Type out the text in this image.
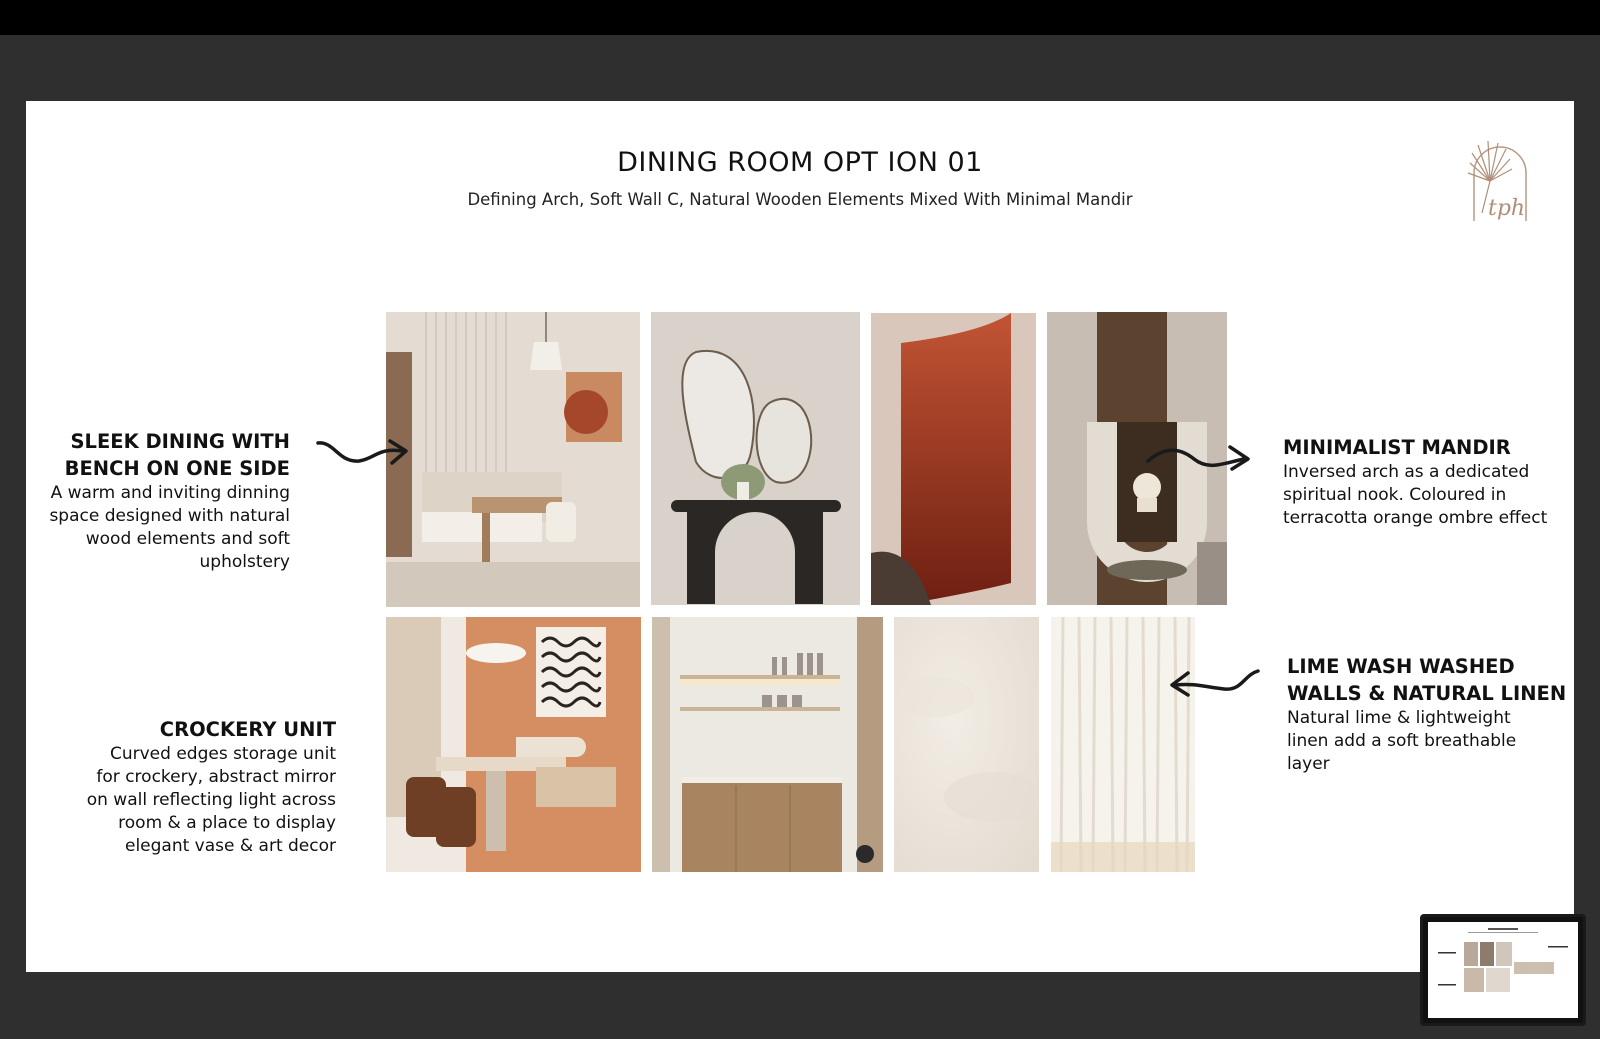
DINING ROOM OPT ION 01
Defining Arch, Soft Wall C, Natural Wooden Elements Mixed With Minimal Mandir	tph
SLEEK DINING WITH
BENCH ON ONE SIDE

A warm and inviting dinning

space designed with natural

wood elements and soft

upholstery

CROCKERY UNIT

Curved edges storage unit

for crockery, abstract mirror

on wall reflecting light across

room & a place to display

elegant vase & art decor

MINIMALIST MANDIR

Inversed arch as a dedicated

spiritual nook. Coloured in

terracotta orange ombre effect

LIME WASH WASHED
WALLS & NATURAL LINEN

Natural lime & lightweight

linen add a soft breathable

layer
